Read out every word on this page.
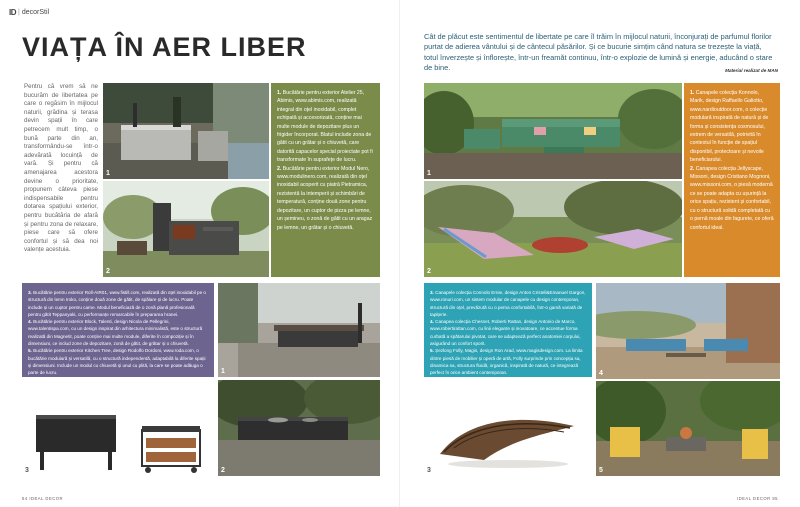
ID | decorStil
VIAȚA ÎN AER LIBER
Pentru că vrem să ne bucurăm de libertatea pe care o regăsim în mijlocul naturii, grădina și terasa devin spații în care petrecem mult timp, o bună parte din an, transformându-se într-o adevărată locuință de vară. Și pentru că amenajarea acestora devine o prioritate, propunem câteva piese indispensabile pentru dotarea spațiului exterior, pentru bucătăria de afară și pentru zona de relaxare, piese care să ofere confortul și să dea noi valențe acestuia.
1
2

1. Bucătărie pentru exterior Atelier 25, Abimis, www.abimis.com, realizată integral din oțel inoxidabil, complet echipată și accesorizată, conține mai multe module de depozitare plus un frigider încorporat. Blatul include zona de gătit cu un grătar și o chiuvetă, care datorită capacelor special proiectate pot fi transformate în suprafețe de lucru.

2. Bucătărie pentru exterior Modul Nero, www.modulinero.com, realizată din oțel inoxidabil acoperit cu piatră Pietramica, rezistentă la intemperii și schimbări de temperatură, conține două zone pentru depozitare, un cuptor de pizza pe lemne, un șemineu, o zonă de gătit cu un aragaz pe lemne, un grătar și o chiuvetă.

3. Bucătărie pentru exterior Roll-AIR01, www.fistill.com, realizată din oțel inoxidabil pe o structură din lemn Iroko, conține două zone de gătit, de spălare și de lucru. Poate include și un cuptor pentru carne. Modul beneficiază de o zonă plană profesională pentru gătit Teppanyaki, cu performanțe remarcabile în prepararea hranei.

4. Bucătărie pentru exterior Block, Talenti, design Nicola de Pellegrini, www.talentispa.com, cu un design inspirat din arhitectura minimalistă, este o structură realizată din Magnetit, poate conține mai multe module, diferite în compoziție și în dimensiuni, ce includ zone de depozitare, zonă de gătit, de grătar și o chiuvetă.

5. Bucătărie pentru exterior Kitchen Tree, design Rodolfo Dordoni, www.roda.com, o bucătărie modulară și versatilă, cu o structură independentă, adaptabilă la diferite spații și dimensiuni. Include un modul cu chiuvetă și unul cu plită, la care se poate adăuga o parte de lucru.

3
1
2
84 IDEAL DECOR
Cât de plăcut este sentimentul de libertate pe care îl trăim în mijlocul naturii, înconjurați de parfumul florilor purtat de adierea vântului și de cântecul păsărilor. Și ce bucurie simțim când natura se trezește la viață, totul înverzește și înflorește, într-un freamăt continuu, într-o explozie de lumină și energie, aducând o stare de bine.	Material realizat de MAN
1
2

1. Canapele colecția Konnolo, Marik, design Raffaello Galiotto, www.nardioutdoor.com, o colecție modulară inspirată de natură și de forma și consistența cosmosului, extrem de versatilă, potrivită în contextul în funcție de spațiul disponibil, protectoare și nevoile beneficiarului.

2. Canapea colecția Jellyscape, Missoni, design Cristiano Mognoni, www.missoni.com, o piesă modernă ce se poate adapta cu ușurință la orice spațiu, rezistent și confortabil, cu o structură solidă completată cu o pernă moale din fagurete, ce oferă confortul ideal.

3. Canapele colecția Connolo Ernie, design Anton Cristell&Emanuel Gargon, www.ronuri.com, un sistem modular de canapele cu design contemporan, structură din oțel, prevăzută cu o perna confortabilă, într-o gamă variată de tapițerie.

4. Canapea colecția Chesnet, Roberti Rattan, design Antonio de Marco, www.robertirattan.com, cu linii elegante și inovatoare, ce accentue forma curbată a spătarului pivotat, care se adaptează perfect anatomiei corpului, asigurând un confort sporit.

5. Șezlong Folly, Magis, design Ron Arad, www.magisdesign.com. La limita dintre piesă de mobilier și operă de artă, Folly surprinde prin concepția sa, dinamica sa, structura fluidă, organică, inspirată de natură, ce integrează perfect în orice ambient contemporan.

3
4
5
IDEAL DECOR 85
